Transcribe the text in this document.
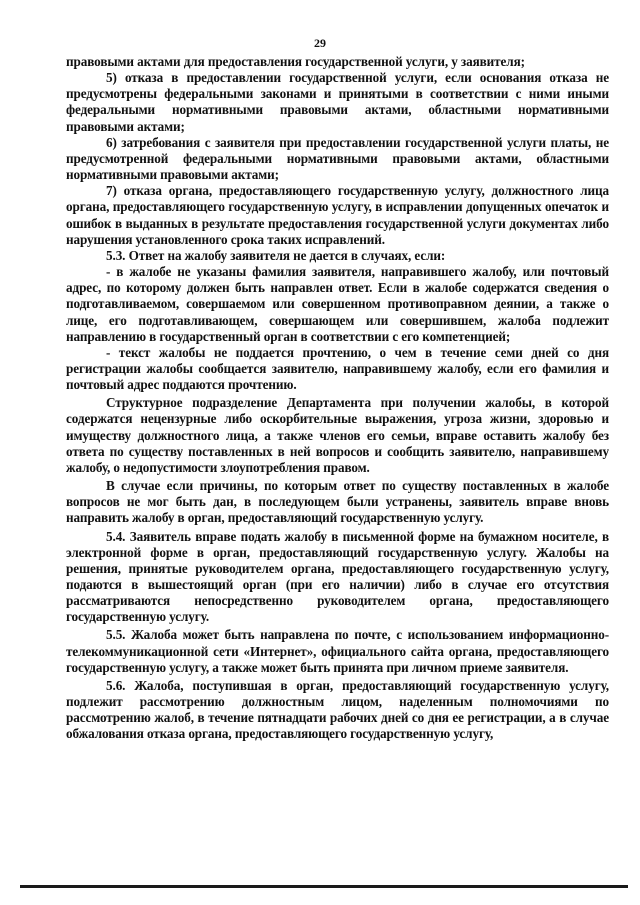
29

правовыми актами для предоставления государственной услуги, у заявителя;

5) отказа в предоставлении государственной услуги, если основания отказа не предусмотрены федеральными законами и принятыми в соответствии с ними иными федеральными нормативными правовыми актами, областными нормативными правовыми актами;

6) затребования с заявителя при предоставлении государственной услуги платы, не предусмотренной федеральными нормативными правовыми актами, областными нормативными правовыми актами;

7) отказа органа, предоставляющего государственную услугу, должностного лица органа, предоставляющего государственную услугу, в исправлении допущенных опечаток и ошибок в выданных в результате предоставления государственной услуги документах либо нарушения установленного срока таких исправлений.

5.3. Ответ на жалобу заявителя не дается в случаях, если:

- в жалобе не указаны фамилия заявителя, направившего жалобу, или почтовый адрес, по которому должен быть направлен ответ. Если в жалобе содержатся сведения о подготавливаемом, совершаемом или совершенном противоправном деянии, а также о лице, его подготавливающем, совершающем или совершившем, жалоба подлежит направлению в государственный орган в соответствии с его компетенцией;

- текст жалобы не поддается прочтению, о чем в течение семи дней со дня регистрации жалобы сообщается заявителю, направившему жалобу, если его фамилия и почтовый адрес поддаются прочтению.

Структурное подразделение Департамента при получении жалобы, в которой содержатся нецензурные либо оскорбительные выражения, угроза жизни, здоровью и имуществу должностного лица, а также членов его семьи, вправе оставить жалобу без ответа по существу поставленных в ней вопросов и сообщить заявителю, направившему жалобу, о недопустимости злоупотребления правом.

В случае если причины, по которым ответ по существу поставленных в жалобе вопросов не мог быть дан, в последующем были устранены, заявитель вправе вновь направить жалобу в орган, предоставляющий государственную услугу.

5.4. Заявитель вправе подать жалобу в письменной форме на бумажном носителе, в электронной форме в орган, предоставляющий государственную услугу. Жалобы на решения, принятые руководителем органа, предоставляющего государственную услугу, подаются в вышестоящий орган (при его наличии) либо в случае его отсутствия рассматриваются непосредственно руководителем органа, предоставляющего государственную услугу.

5.5. Жалоба может быть направлена по почте, с использованием информационно-телекоммуникационной сети «Интернет», официального сайта органа, предоставляющего государственную услугу, а также может быть принята при личном приеме заявителя.

5.6. Жалоба, поступившая в орган, предоставляющий государственную услугу, подлежит рассмотрению должностным лицом, наделенным полномочиями по рассмотрению жалоб, в течение пятнадцати рабочих дней со дня ее регистрации, а в случае обжалования отказа органа, предоставляющего государственную услугу,
